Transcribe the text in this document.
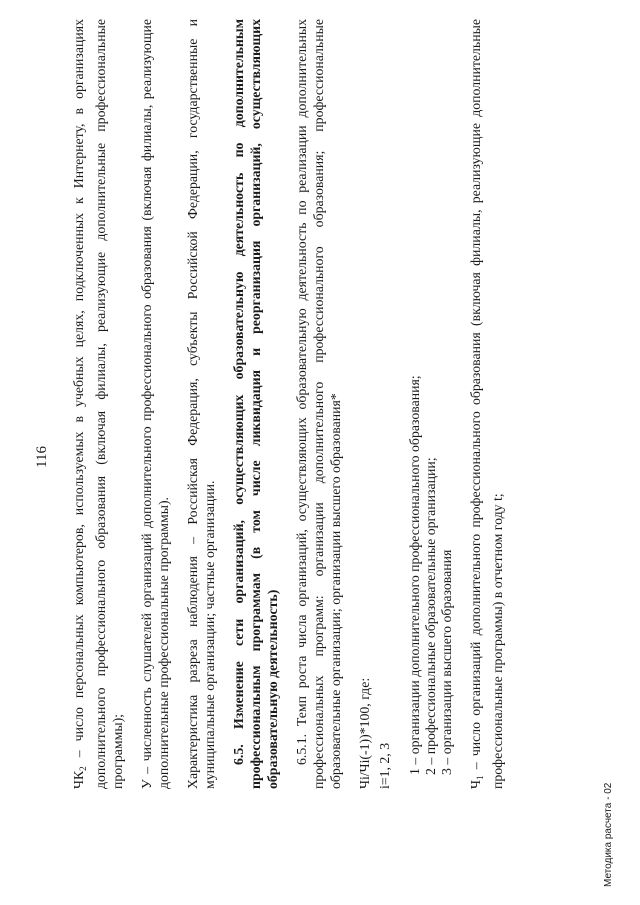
116

$ЧК_2$ – число персональных компьютеров, используемых в учебных целях, подключенных к Интернету, в организациях дополнительного профессионального образования (включая филиалы, реализующие дополнительные профессиональные программы); У – численность слушателей организаций дополнительного профессионального образования (включая филиалы, реализующие дополнительные профессиональные программы). Характеристика разреза наблюдения – Российская Федерация, субъекты Российской Федерации, государственные и муниципальные организации; частные организации. 6.5. Изменение сети организаций, осуществляющих образовательную деятельность по дополнительным профессиональным программам (в том числе ликвидация и реорганизация организаций, осуществляющих образовательную деятельность) 6.5.1. Темп роста числа организаций, осуществляющих образовательную деятельность по реализации дополнительных профессиональных программ: организации дополнительного профессионального образования; профессиональные образовательные организации; организации высшего образования* Чi/Чi(-1))*100, где: i=1, 2, 3 1 – организации дополнительного профессионального образования; 2 – профессиональные образовательные организации; 3 – организации высшего образования

$Ч_1$ – число организаций дополнительного профессионального образования (включая филиалы, реализующие дополнительные профессиональные программы) в отчетном году t;

Методика расчета - 02
